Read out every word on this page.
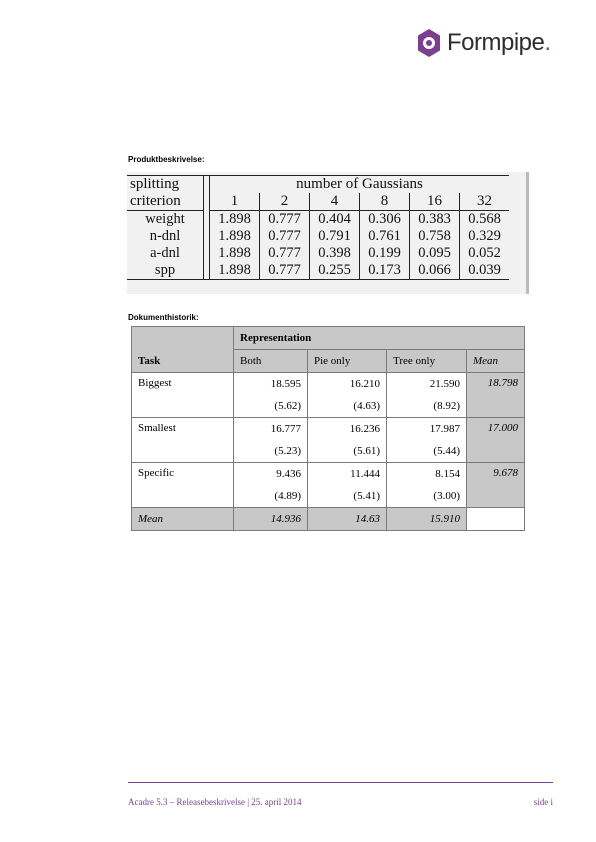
Formpipe.
Produktbeskrivelse:
splitting		number of Gaussians					
criterion		1	2	4	8	16	32
weight		1.898	0.777	0.404	0.306	0.383	0.568
n-dnl		1.898	0.777	0.791	0.761	0.758	0.329
a-dnl		1.898	0.777	0.398	0.199	0.095	0.052
spp		1.898	0.777	0.255	0.173	0.066	0.039
Dokumenthistorik:
	Representation			
Task	Both	Pie only	Tree only	Mean
Biggest	18.595	16.210	21.590	18.798
	(5.62)	(4.63)	(8.92)	
Smallest	16.777	16.236	17.987	17.000
	(5.23)	(5.61)	(5.44)	
Specific	9.436	11.444	8.154	9.678
	(4.89)	(5.41)	(3.00)	
Mean	14.936	14.63	15.910	
Acadre 5.3 – Releasebeskrivelse | 25. april 2014	side i
